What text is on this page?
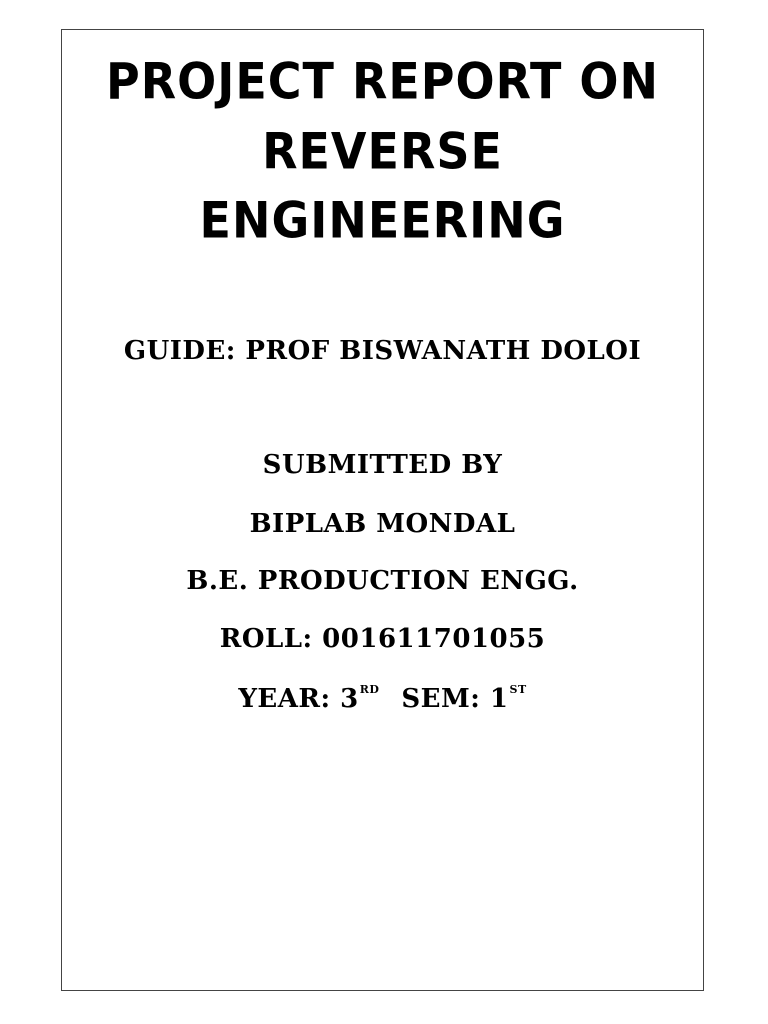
PROJECT REPORT ON
REVERSE
ENGINEERING
GUIDE: PROF BISWANATH DOLOI
SUBMITTED BY
BIPLAB MONDAL
B.E. PRODUCTION ENGG.
ROLL: 001611701055
YEAR: 3RD SEM: 1ST
